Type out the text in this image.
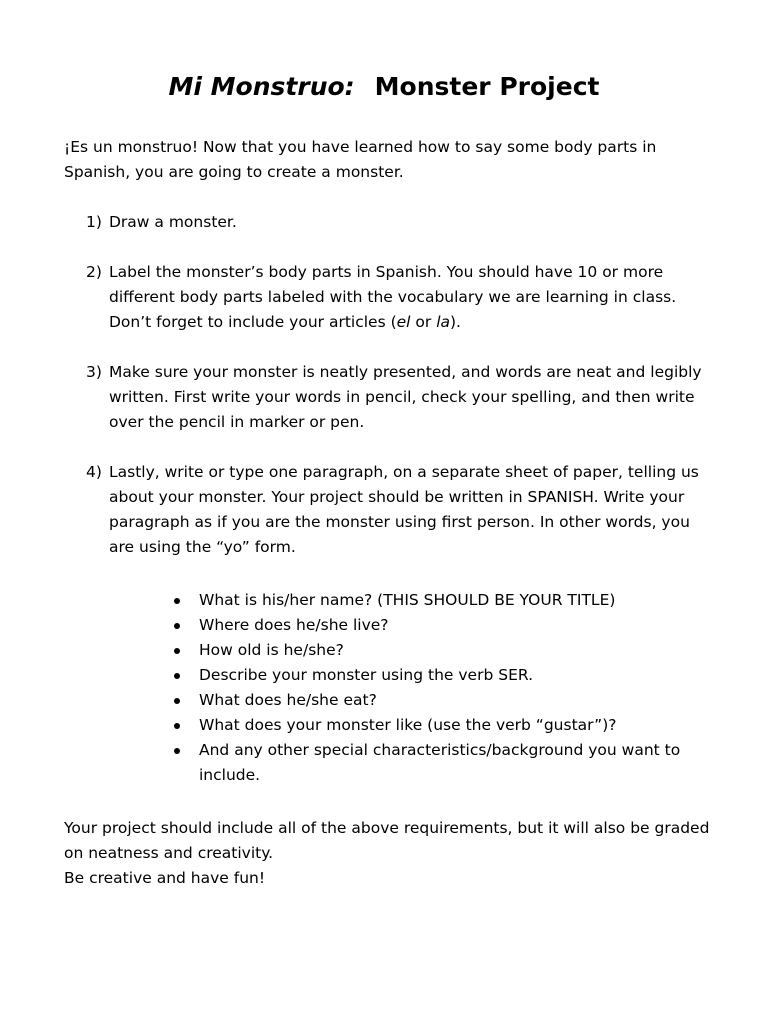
Mi Monstruo: Monster Project

¡Es un monstruo! Now that you have learned how to say some body parts in Spanish, you are going to create a monster.

1) Draw a monster.
2) Label the monster’s body parts in Spanish. You should have 10 or more different body parts labeled with the vocabulary we are learning in class. Don’t forget to include your articles (el or la).
3) Make sure your monster is neatly presented, and words are neat and legibly written. First write your words in pencil, check your spelling, and then write over the pencil in marker or pen.
4) Lastly, write or type one paragraph, on a separate sheet of paper, telling us about your monster. Your project should be written in SPANISH. Write your paragraph as if you are the monster using first person. In other words, you are using the “yo” form.
What is his/her name? (THIS SHOULD BE YOUR TITLE)
Where does he/she live?
How old is he/she?
Describe your monster using the verb SER.
What does he/she eat?
What does your monster like (use the verb “gustar”)?
And any other special characteristics/background you want to include.
Your project should include all of the above requirements, but it will also be graded on neatness and creativity.
Be creative and have fun!
